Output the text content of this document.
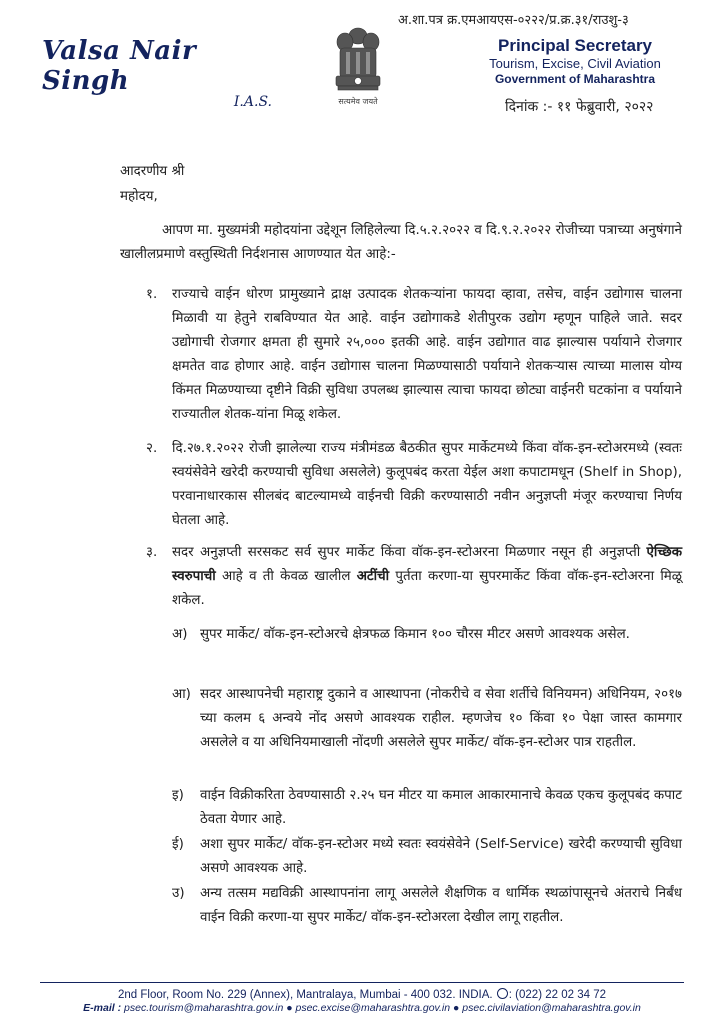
Valsa Nair Singh
I.A.S.	सत्यमेव जयते
अ.शा.पत्र क्र.एमआयएस-०२२२/प्र.क्र.३१/राउशु-३
Principal Secretary
Tourism, Excise, Civil Aviation
Government of Maharashtra
दिनांक :- ११ फेब्रुवारी, २०२२
आदरणीय श्री
महोदय,
आपण मा. मुख्यमंत्री महोदयांना उद्देशून लिहिलेल्या दि.५.२.२०२२ व दि.९.२.२०२२ रोजीच्या पत्राच्या अनुषंगाने खालीलप्रमाणे वस्तुस्थिती निर्दशनास आणण्यात येत आहे:-
१. राज्याचे वाईन धोरण प्रामुख्याने द्राक्ष उत्पादक शेतकऱ्यांना फायदा व्हावा, तसेच, वाईन उद्योगास चालना मिळावी या हेतुने राबविण्यात येत आहे. वाईन उद्योगाकडे शेतीपुरक उद्योग म्हणून पाहिले जाते. सदर उद्योगाची रोजगार क्षमता ही सुमारे २५,००० इतकी आहे. वाईन उद्योगात वाढ झाल्यास पर्यायाने रोजगार क्षमतेत वाढ होणार आहे. वाईन उद्योगास चालना मिळण्यासाठी पर्यायाने शेतकऱ्यास त्याच्या मालास योग्य किंमत मिळण्याच्या दृष्टीने विक्री सुविधा उपलब्ध झाल्यास त्याचा फायदा छोट्या वाईनरी घटकांना व पर्यायाने राज्यातील शेतक-यांना मिळू शकेल.
२. दि.२७.१.२०२२ रोजी झालेल्या राज्य मंत्रीमंडळ बैठकीत सुपर मार्केटमध्ये किंवा वॉक-इन-स्टोअरमध्ये (स्वतः स्वयंसेवेने खरेदी करण्याची सुविधा असलेले) कुलूपबंद करता येईल अशा कपाटामधून (Shelf in Shop), परवानाधारकास सीलबंद बाटल्यामध्ये वाईनची विक्री करण्यासाठी नवीन अनुज्ञप्ती मंजूर करण्याचा निर्णय घेतला आहे.
३. सदर अनुज्ञप्ती सरसकट सर्व सुपर मार्केट किंवा वॉक-इन-स्टोअरना मिळणार नसून ही अनुज्ञप्ती ऐच्छिक स्वरुपाची आहे व ती केवळ खालील अटींची पुर्तता करणा-या सुपरमार्केट किंवा वॉक-इन-स्टोअरना मिळू शकेल.
अ) सुपर मार्केट/ वॉक-इन-स्टोअरचे क्षेत्रफळ किमान १०० चौरस मीटर असणे आवश्यक असेल.
आ) सदर आस्थापनेची महाराष्ट्र दुकाने व आस्थापना (नोकरीचे व सेवा शर्तीचे विनियमन) अधिनियम, २०१७ च्या कलम ६ अन्वये नोंद असणे आवश्यक राहील. म्हणजेच १० किंवा १० पेक्षा जास्त कामगार असलेले व या अधिनियमाखाली नोंदणी असलेले सुपर मार्केट/ वॉक-इन-स्टोअर पात्र राहतील.
इ) वाईन विक्रीकरिता ठेवण्यासाठी २.२५ घन मीटर या कमाल आकारमानाचे केवळ एकच कुलूपबंद कपाट ठेवता येणार आहे.
ई) अशा सुपर मार्केट/ वॉक-इन-स्टोअर मध्ये स्वतः स्वयंसेवेने (Self-Service) खरेदी करण्याची सुविधा असणे आवश्यक आहे.
उ) अन्य तत्सम मद्यविक्री आस्थापनांना लागू असलेले शैक्षणिक व धार्मिक स्थळांपासूनचे अंतराचे निर्बंध वाईन विक्री करणा-या सुपर मार्केट/ वॉक-इन-स्टोअरला देखील लागू राहतील.
2nd Floor, Room No. 229 (Annex), Mantralaya, Mumbai - 400 032. INDIA. : (022) 22 02 34 72
E-mail : psec.tourism@maharashtra.gov.in ● psec.excise@maharashtra.gov.in ● psec.civilaviation@maharashtra.gov.in
